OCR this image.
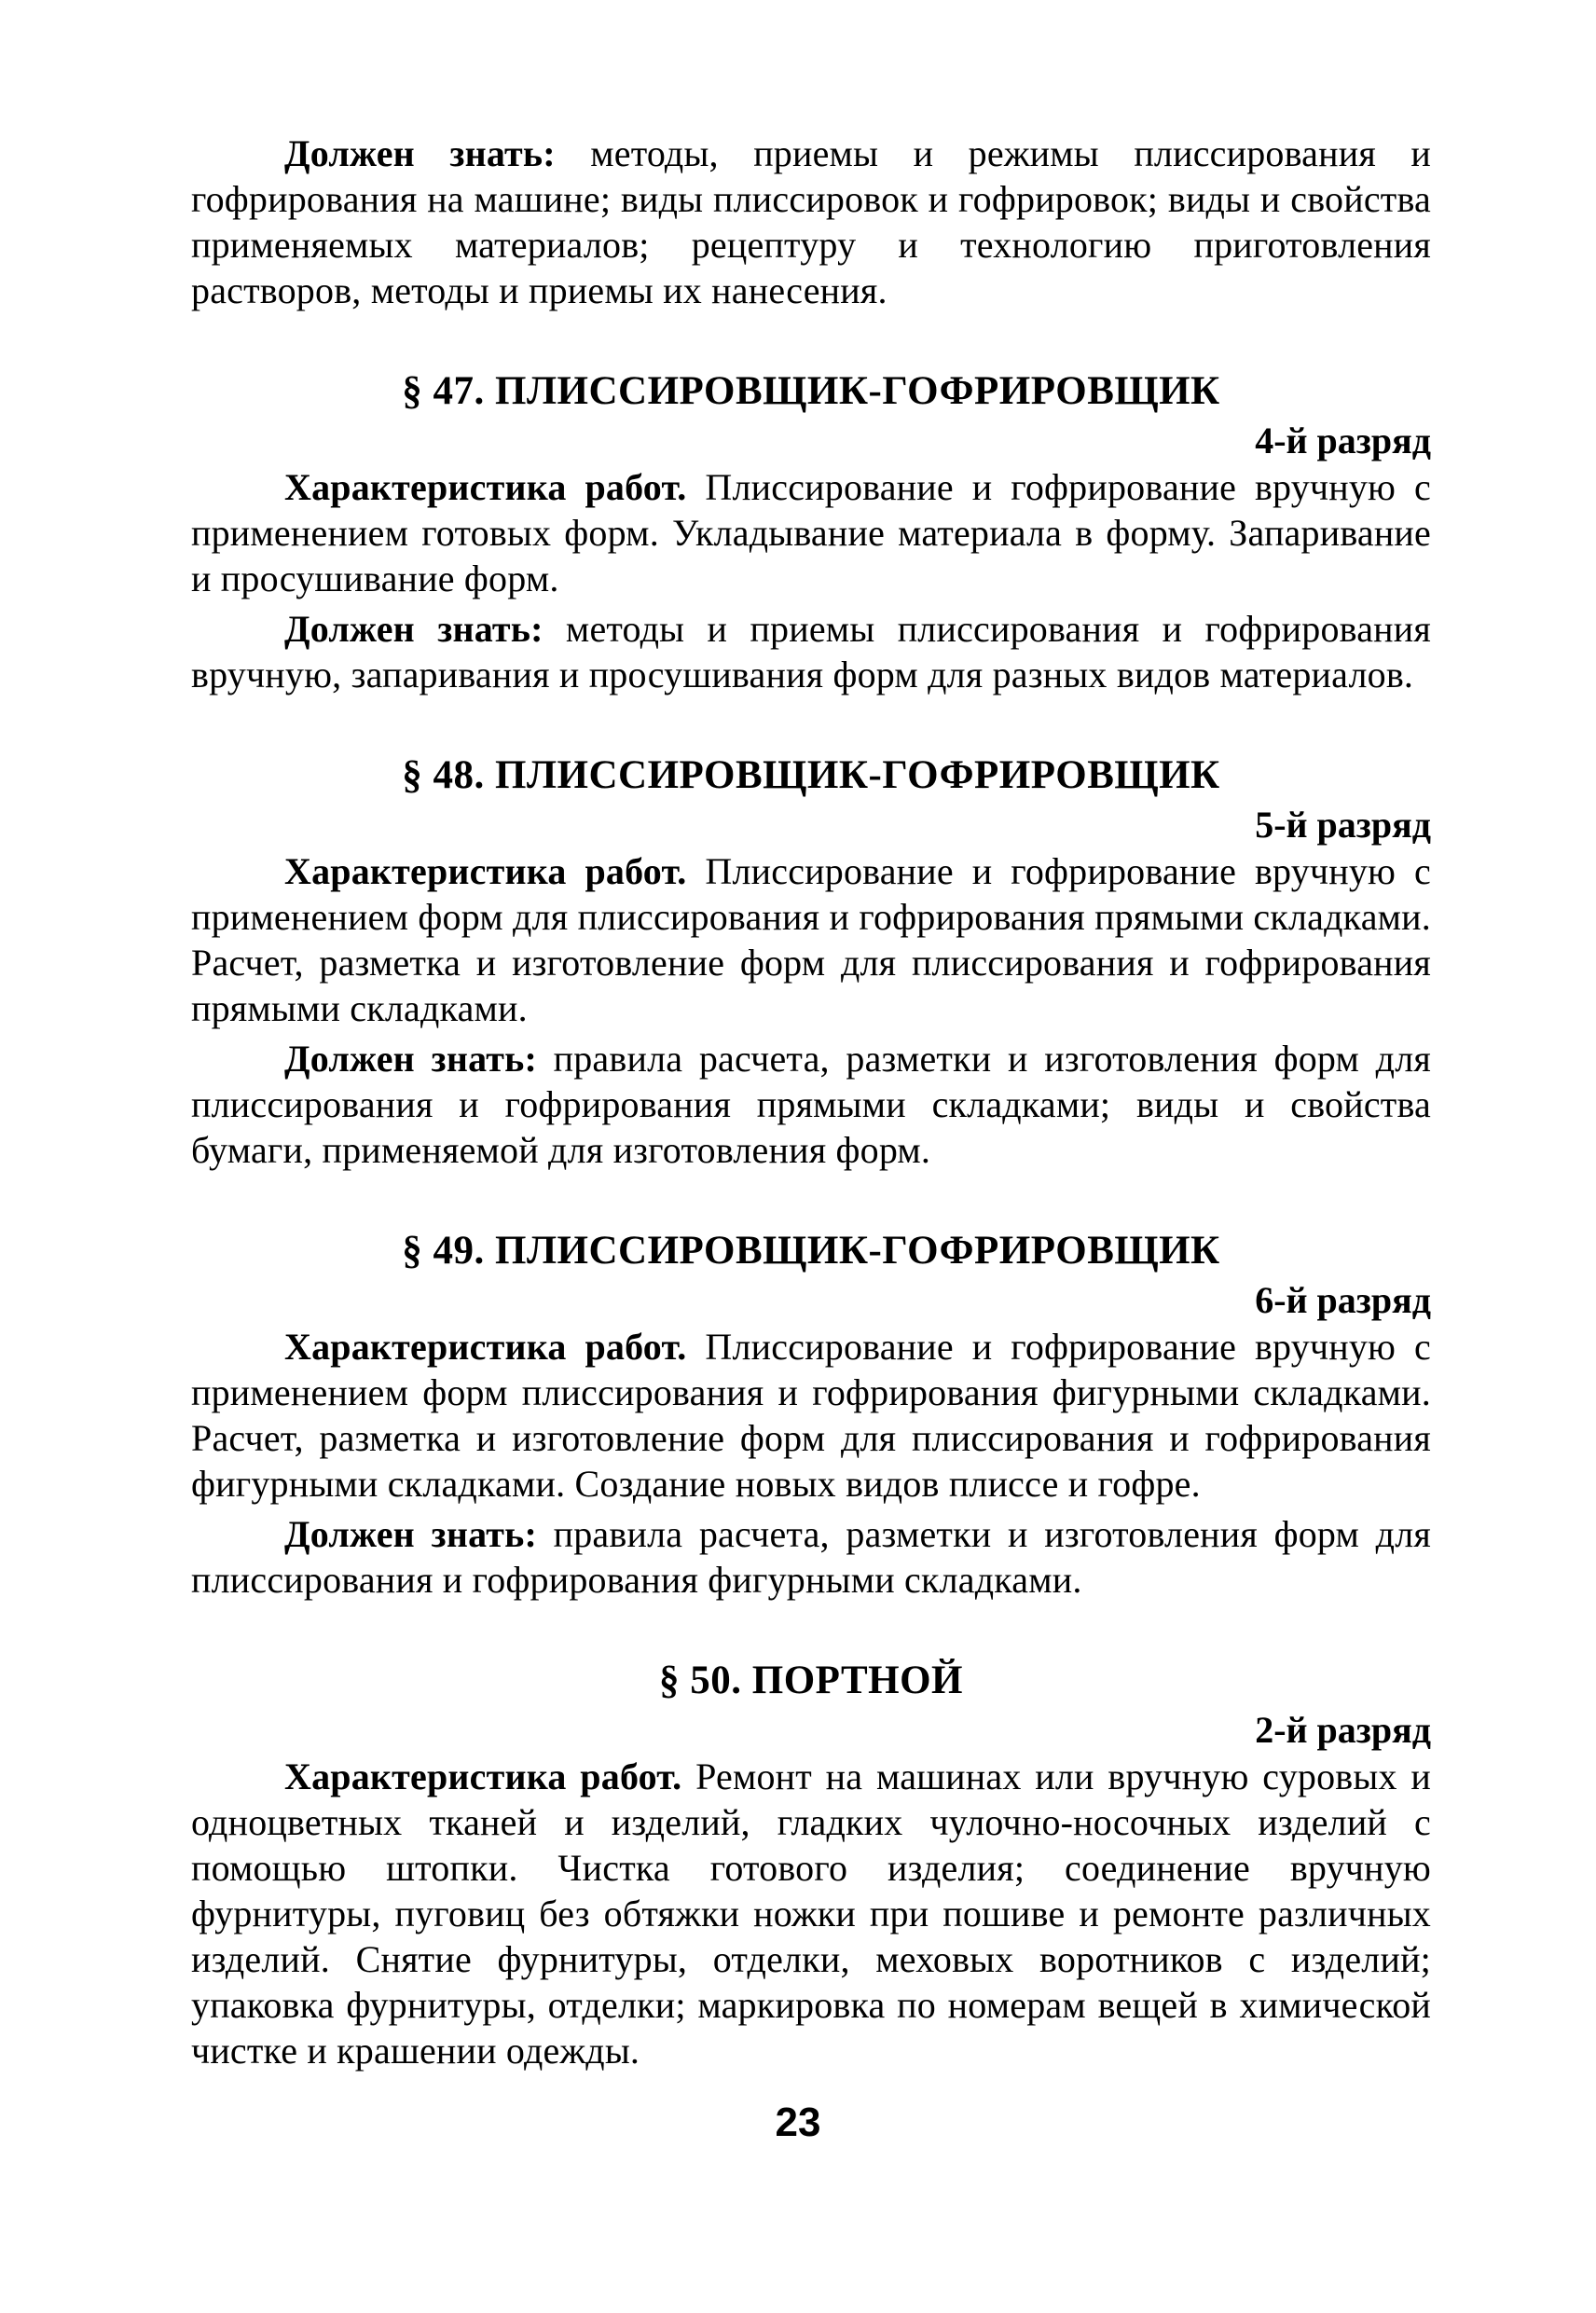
Должен знать: методы, приемы и режимы плиссирования и гофрирования на машине; виды плиссировок и гофрировок; виды и свойства применяемых материалов; рецептуру и технологию приготовления растворов, методы и приемы их нанесения.

§ 47. ПЛИССИРОВЩИК-ГОФРИРОВЩИК
4-й разряд

Характеристика работ. Плиссирование и гофрирование вручную с применением готовых форм. Укладывание материала в форму. Запаривание и просушивание форм.

Должен знать: методы и приемы плиссирования и гофрирования вручную, запаривания и просушивания форм для разных видов материалов.

§ 48. ПЛИССИРОВЩИК-ГОФРИРОВЩИК
5-й разряд

Характеристика работ. Плиссирование и гофрирование вручную с применением форм для плиссирования и гофрирования прямыми складками. Расчет, разметка и изготовление форм для плиссирования и гофрирования прямыми складками.

Должен знать: правила расчета, разметки и изготовления форм для плиссирования и гофрирования прямыми складками; виды и свойства бумаги, применяемой для изготовления форм.

§ 49. ПЛИССИРОВЩИК-ГОФРИРОВЩИК
6-й разряд

Характеристика работ. Плиссирование и гофрирование вручную с применением форм плиссирования и гофрирования фигурными складками. Расчет, разметка и изготовление форм для плиссирования и гофрирования фигурными складками. Создание новых видов плиссе и гофре.

Должен знать: правила расчета, разметки и изготовления форм для плиссирования и гофрирования фигурными складками.

§ 50. ПОРТНОЙ
2-й разряд

Характеристика работ. Ремонт на машинах или вручную суровых и одноцветных тканей и изделий, гладких чулочно-носочных изделий с помощью штопки. Чистка готового изделия; соединение вручную фурнитуры, пуговиц без обтяжки ножки при пошиве и ремонте различных изделий. Снятие фурнитуры, отделки, меховых воротников с изделий; упаковка фурнитуры, отделки; маркировка по номерам вещей в химической чистке и крашении одежды.

23
